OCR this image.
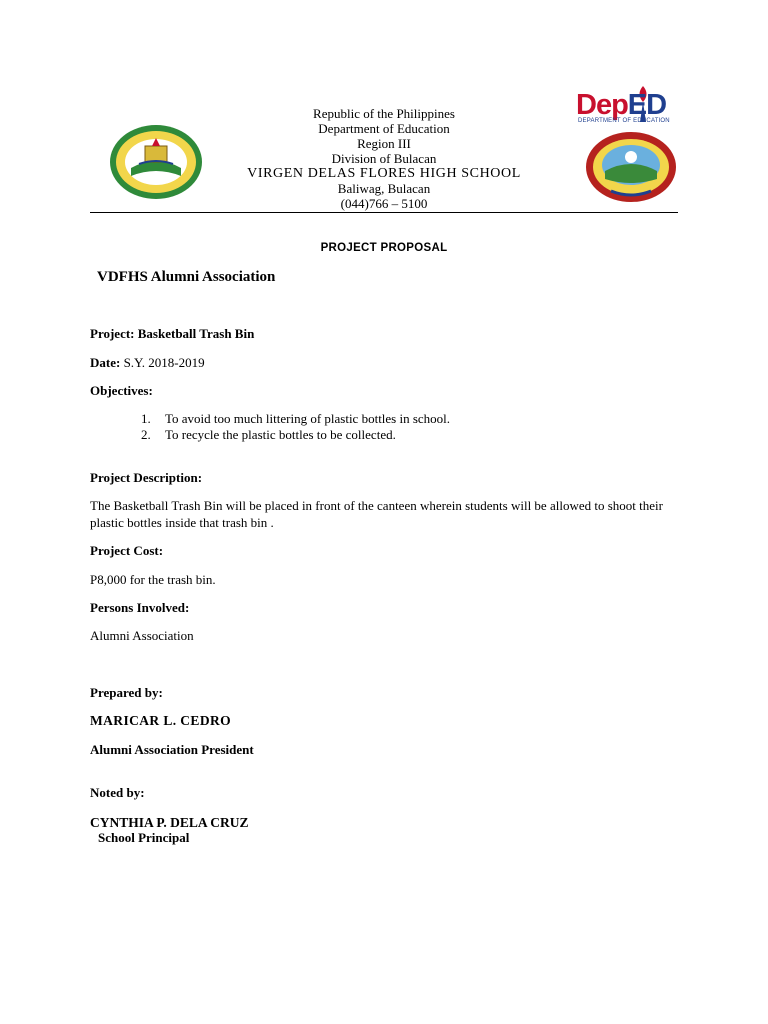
Republic of the Philippines
Department of Education
Region III
Division of Bulacan
VIRGEN DELAS FLORES HIGH SCHOOL
Baliwag, Bulacan
(044)766 – 5100
DepED
DEPARTMENT OF EDUCATION
PROJECT PROPOSAL
VDFHS Alumni Association
Project: Basketball Trash Bin
Date: S.Y. 2018-2019
Objectives:
1. To avoid too much littering of plastic bottles in school.
2. To recycle the plastic bottles to be collected.
Project Description:
The Basketball Trash Bin will be placed in front of the canteen wherein students will be allowed to shoot their plastic bottles inside that trash bin .
Project Cost:
P8,000 for the trash bin.
Persons Involved:
Alumni Association
Prepared by:
MARICAR L. CEDRO
Alumni Association President
Noted by:
CYNTHIA P. DELA CRUZ
School Principal
